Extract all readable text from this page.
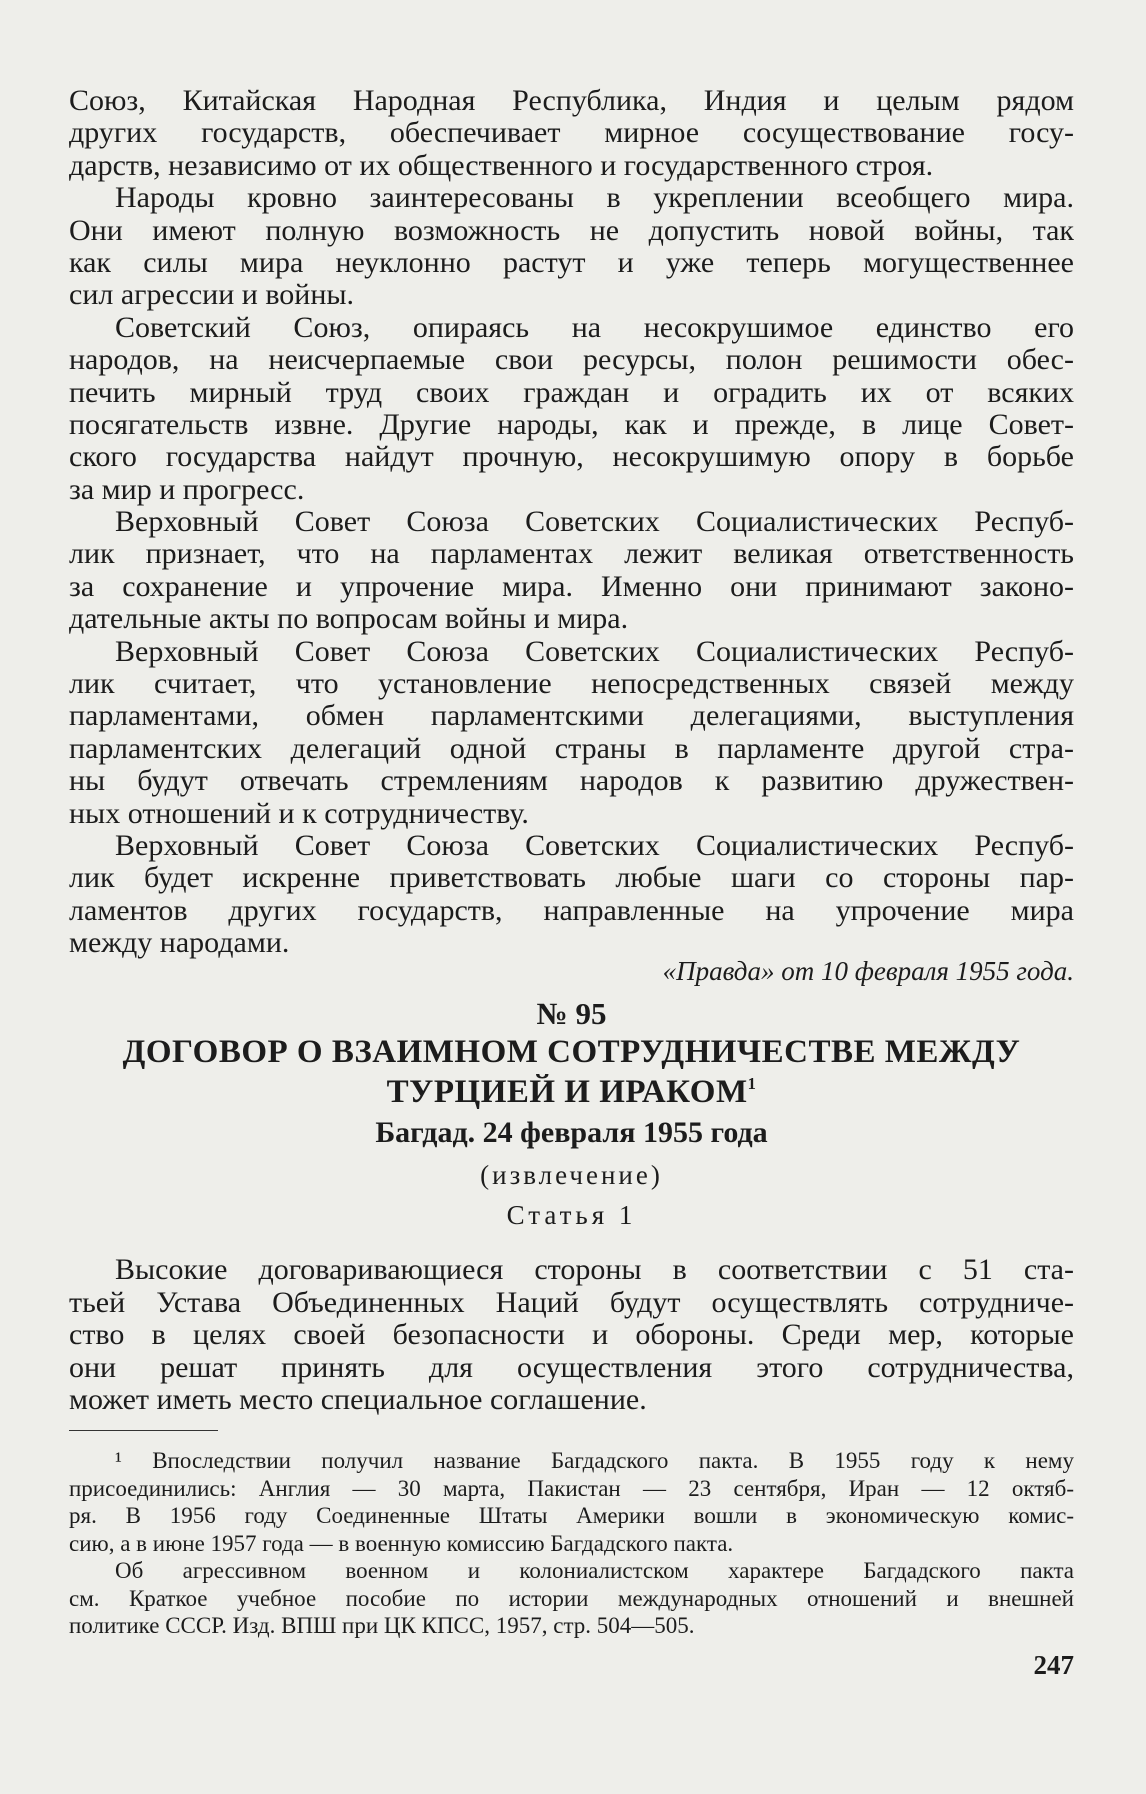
Союз, Китайская Народная Республика, Индия и целым рядом
других государств, обеспечивает мирное сосуществование госу-
дарств, независимо от их общественного и государственного строя.
Народы кровно заинтересованы в укреплении всеобщего мира.
Они имеют полную возможность не допустить новой войны, так
как силы мира неуклонно растут и уже теперь могущественнее
сил агрессии и войны.
Советский Союз, опираясь на несокрушимое единство его
народов, на неисчерпаемые свои ресурсы, полон решимости обес-
печить мирный труд своих граждан и оградить их от всяких
посягательств извне. Другие народы, как и прежде, в лице Совет-
ского государства найдут прочную, несокрушимую опору в борьбе
за мир и прогресс.
Верховный Совет Союза Советских Социалистических Респуб-
лик признает, что на парламентах лежит великая ответственность
за сохранение и упрочение мира. Именно они принимают законо-
дательные акты по вопросам войны и мира.
Верховный Совет Союза Советских Социалистических Респуб-
лик считает, что установление непосредственных связей между
парламентами, обмен парламентскими делегациями, выступления
парламентских делегаций одной страны в парламенте другой стра-
ны будут отвечать стремлениям народов к развитию дружествен-
ных отношений и к сотрудничеству.
Верховный Совет Союза Советских Социалистических Респуб-
лик будет искренне приветствовать любые шаги со стороны пар-
ламентов других государств, направленные на упрочение мира
между народами.
«Правда» от 10 февраля 1955 года.
№ 95
ДОГОВОР О ВЗАИМНОМ СОТРУДНИЧЕСТВЕ МЕЖДУ
ТУРЦИЕЙ И ИРАКОМ$^1$
Багдад. 24 февраля 1955 года
(извлечение)
Статья 1
Высокие договаривающиеся стороны в соответствии с 51 ста-
тьей Устава Объединенных Наций будут осуществлять сотрудниче-
ство в целях своей безопасности и обороны. Среди мер, которые
они решат принять для осуществления этого сотрудничества,
может иметь место специальное соглашение.
¹ Впоследствии получил название Багдадского пакта. В 1955 году к нему
присоединились: Англия — 30 марта, Пакистан — 23 сентября, Иран — 12 октяб-
ря. В 1956 году Соединенные Штаты Америки вошли в экономическую комис-
сию, а в июне 1957 года — в военную комиссию Багдадского пакта.
Об агрессивном военном и колониалистском характере Багдадского пакта
см. Краткое учебное пособие по истории международных отношений и внешней
политике СССР. Изд. ВПШ при ЦК КПСС, 1957, стр. 504—505.
247
